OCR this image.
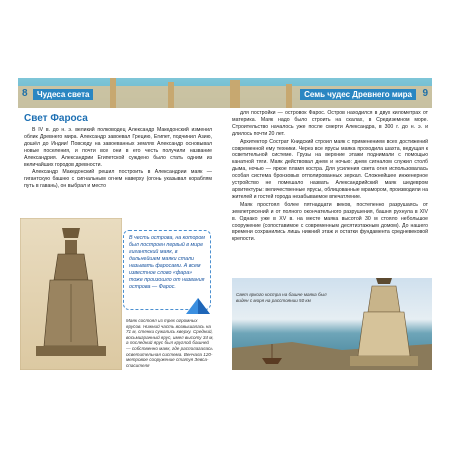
8	Чудеса света	Семь чудес Древнего мира	9
Свет Фароса

В IV в. до н. э. великий полководец Александр Македонский изменил облик Древнего мира. Александр завоевал Грецию, Египет, подчинил Азию, дошёл до Индии! Повсюду на завоеванных землях Александр основывал новые поселения, и почти все они в его честь получили название Александрия. Александрии Египетской суждено было стать одним из величайших городов древности.

Александр Македонский решил построить в Александрии маяк — гигантскую башню с сигнальным огнем наверху (огонь указывал кораблям путь в гавань), он выбрал и место

В честь острова, на котором был построен первый в мире гигантский маяк, в дальнейшем маяки стали называть фаросами. А всем известное слово «фара» тоже произошло от названия острова — Фарос.
Маяк состоял из трех огромных ярусов. Нижний часть возвышалась на 71 м, стенки сужались кверху. Средний, восьмигранный ярус, имел высоту 34 м, а последний ярус был круглой башней — собственно маяк, где располагалась осветительная система. Венчала 120-метровое сооружение статуя Зевса-спасителя

для постройки — островок Фарос. Остров находился в двух километрах от материка. Маяк надо было строить на скалах, в Средиземном море. Строительство началось уже после смерти Александра, в 300 г. до н. э. и длилось почти 20 лет.

Архитектор Сострат Книдский строил маяк с применением всех достижений современной ему техники. Через все ярусы маяка проходила шахта, ведущая к осветительной системе. Грузы на верхние этажи поднимали с помощью канатной тяги. Маяк действовал днем и ночью: днем сигналом служил столб дыма, ночью — яркое пламя костра. Для усиления света огня использовалась особая система бронзовых отполированных зеркал. Сложнейшее инженерное устройство не помешало назвать Александрийский маяк шедевром архитектуры: величественные ярусы, облицованные мрамором, производили на жителей и гостей города незабываемое впечатление.

Маяк простоял более пятнадцати веков, постепенно разрушаясь от землетрясений и от полного окончательного разрушения, башня рухнула в XIV в. Однако уже в XV в. на месте маяка высотой 30 м стояло небольшое сооружение (сопоставимое с современным десятиэтажным домом). До нашего времени сохранились лишь нижний этаж и остатки фундамента средневековой крепости.

Свет яркого костра на башне маяка был виден с моря на расстоянии 50 км
